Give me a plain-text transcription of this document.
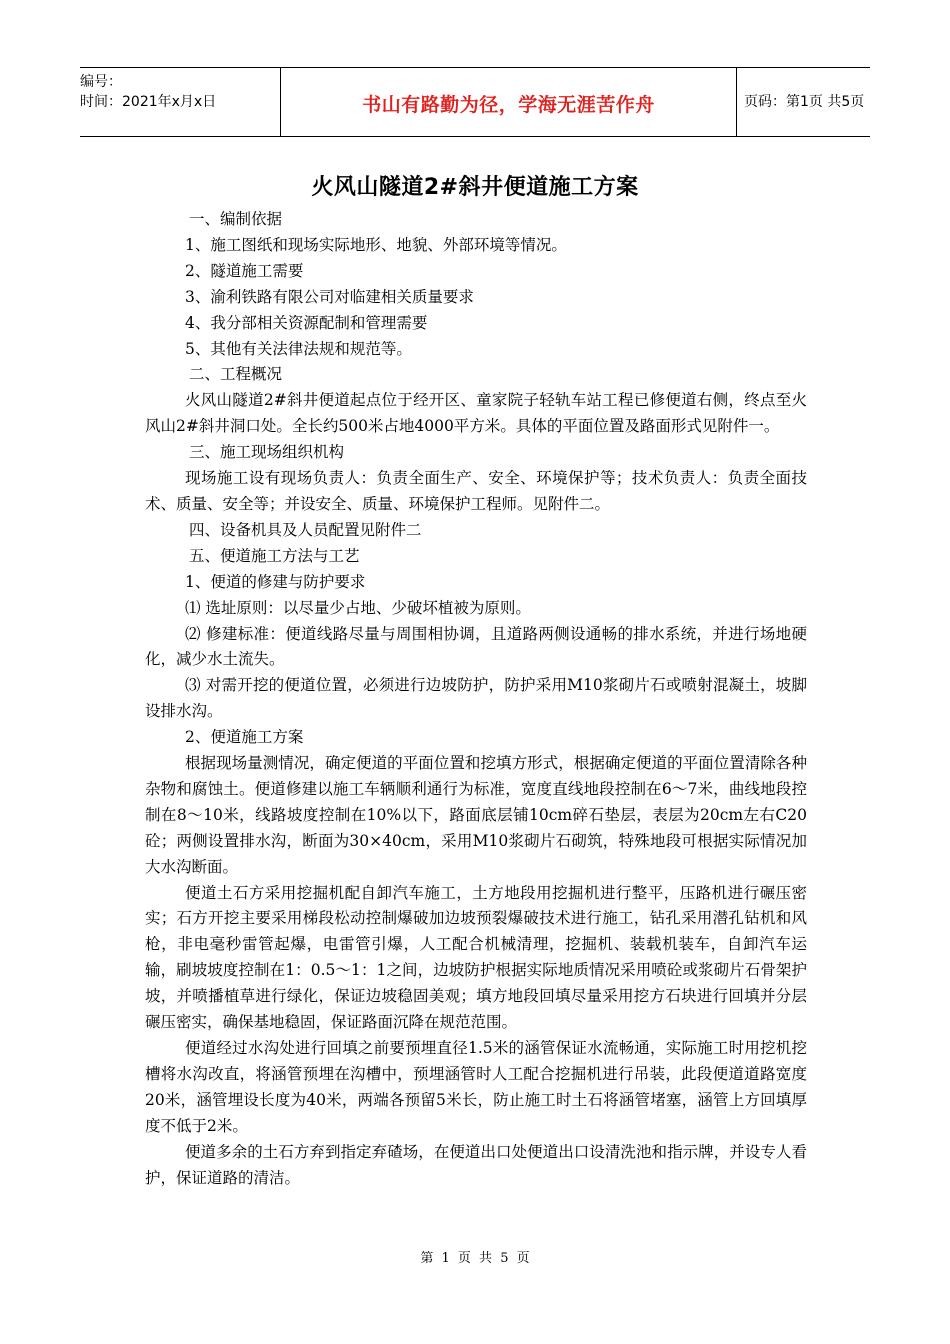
编号：
时间：2021年x月x日	书山有路勤为径，学海无涯苦作舟	页码：第1页 共5页
火风山隧道2#斜井便道施工方案

一、编制依据

1、施工图纸和现场实际地形、地貌、外部环境等情况。

2、隧道施工需要

3、渝利铁路有限公司对临建相关质量要求

4、我分部相关资源配制和管理需要

5、其他有关法律法规和规范等。

二、工程概况

火风山隧道2#斜井便道起点位于经开区、童家院子轻轨车站工程已修便道右侧，终点至火风山2#斜井洞口处。全长约500米占地4000平方米。具体的平面位置及路面形式见附件一。

三、施工现场组织机构

现场施工设有现场负责人：负责全面生产、安全、环境保护等；技术负责人：负责全面技术、质量、安全等；并设安全、质量、环境保护工程师。见附件二。

四、设备机具及人员配置见附件二

五、便道施工方法与工艺

1、便道的修建与防护要求

⑴ 选址原则：以尽量少占地、少破坏植被为原则。

⑵ 修建标准：便道线路尽量与周围相协调，且道路两侧设通畅的排水系统，并进行场地硬化，减少水土流失。

⑶ 对需开挖的便道位置，必须进行边坡防护，防护采用M10浆砌片石或喷射混凝土，坡脚设排水沟。

2、便道施工方案

根据现场量测情况，确定便道的平面位置和挖填方形式，根据确定便道的平面位置清除各种杂物和腐蚀土。便道修建以施工车辆顺利通行为标准，宽度直线地段控制在6～7米，曲线地段控制在8～10米，线路坡度控制在10%以下，路面底层铺10cm碎石垫层，表层为20cm左右C20砼；两侧设置排水沟，断面为30×40cm，采用M10浆砌片石砌筑，特殊地段可根据实际情况加大水沟断面。

便道土石方采用挖掘机配自卸汽车施工，土方地段用挖掘机进行整平，压路机进行碾压密实；石方开挖主要采用梯段松动控制爆破加边坡预裂爆破技术进行施工，钻孔采用潜孔钻机和风枪，非电毫秒雷管起爆，电雷管引爆，人工配合机械清理，挖掘机、装载机装车，自卸汽车运输，刷坡坡度控制在1：0.5～1：1之间，边坡防护根据实际地质情况采用喷砼或浆砌片石骨架护坡，并喷播植草进行绿化，保证边坡稳固美观；填方地段回填尽量采用挖方石块进行回填并分层碾压密实，确保基地稳固，保证路面沉降在规范范围。

便道经过水沟处进行回填之前要预埋直径1.5米的涵管保证水流畅通，实际施工时用挖机挖槽将水沟改直，将涵管预埋在沟槽中，预埋涵管时人工配合挖掘机进行吊装，此段便道道路宽度20米，涵管埋设长度为40米，两端各预留5米长，防止施工时土石将涵管堵塞，涵管上方回填厚度不低于2米。

便道多余的土石方弃到指定弃碴场，在便道出口处便道出口设清洗池和指示牌，并设专人看护，保证道路的清洁。

第 1 页 共 5 页
